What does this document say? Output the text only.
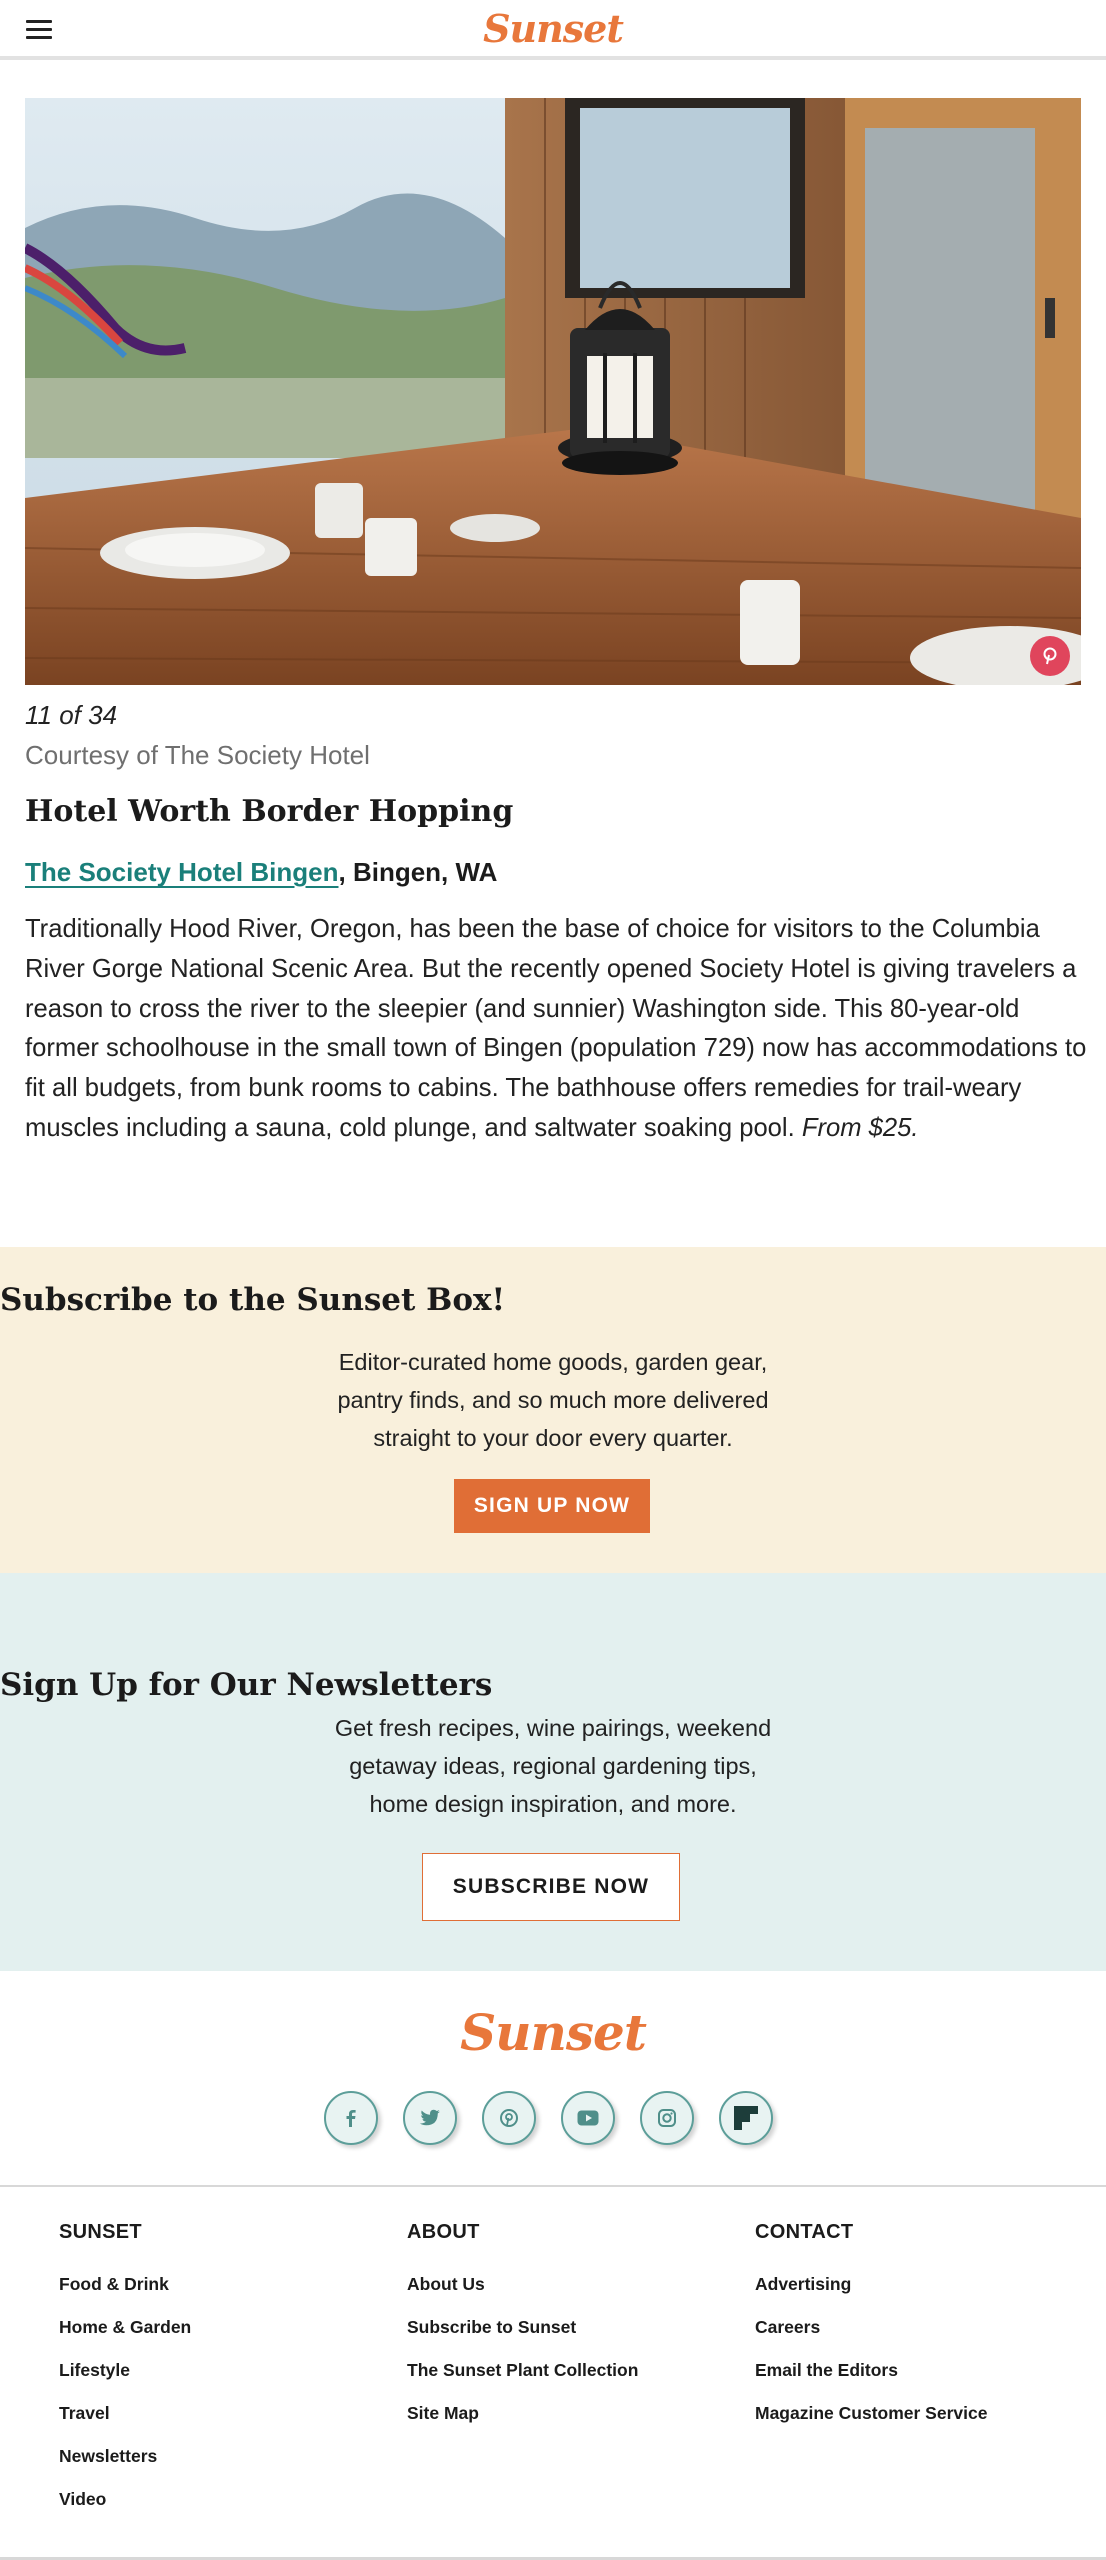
Sunset
11 of 34
Courtesy of The Society Hotel
Hotel Worth Border Hopping
The Society Hotel Bingen, Bingen, WA

Traditionally Hood River, Oregon, has been the base of choice for visitors to the Columbia River Gorge National Scenic Area. But the recently opened Society Hotel is giving travelers a reason to cross the river to the sleepier (and sunnier) Washington side. This 80-year-old former schoolhouse in the small town of Bingen (population 729) now has accommodations to fit all budgets, from bunk rooms to cabins. The bathhouse offers remedies for trail-weary muscles including a sauna, cold plunge, and saltwater soaking pool. From $25.

Subscribe to the Sunset Box!

Editor-curated home goods, garden gear, pantry finds, and so much more delivered straight to your door every quarter.

SIGN UP NOW
Sign Up for Our Newsletters

Get fresh recipes, wine pairings, weekend getaway ideas, regional gardening tips, home design inspiration, and more.

SUBSCRIBE NOW
Sunset
SUNSET
Food & Drink
Home & Garden
Lifestyle
Travel
Newsletters
Video
ABOUT
About Us
Subscribe to Sunset
The Sunset Plant Collection
Site Map
CONTACT
Advertising
Careers
Email the Editors
Magazine Customer Service
